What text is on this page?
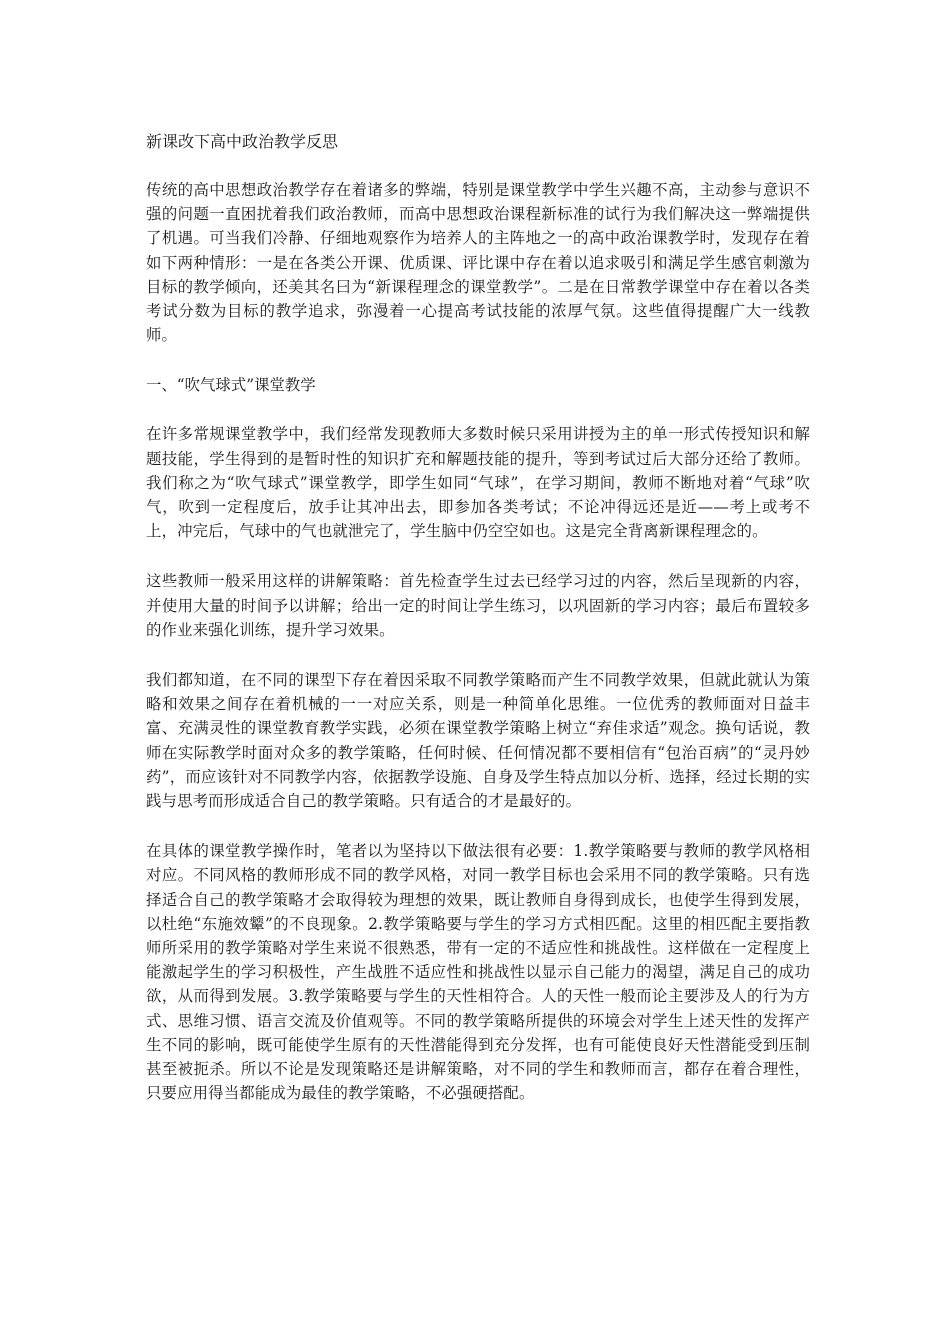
新课改下高中政治教学反思

传统的高中思想政治教学存在着诸多的弊端，特别是课堂教学中学生兴趣不高，主动参与意识不强的问题一直困扰着我们政治教师，而高中思想政治课程新标准的试行为我们解决这一弊端提供了机遇。可当我们冷静、仔细地观察作为培养人的主阵地之一的高中政治课教学时，发现存在着如下两种情形：一是在各类公开课、优质课、评比课中存在着以追求吸引和满足学生感官刺激为目标的教学倾向，还美其名曰为“新课程理念的课堂教学”。二是在日常教学课堂中存在着以各类考试分数为目标的教学追求，弥漫着一心提高考试技能的浓厚气氛。这些值得提醒广大一线教师。

一、“吹气球式”课堂教学

在许多常规课堂教学中，我们经常发现教师大多数时候只采用讲授为主的单一形式传授知识和解题技能，学生得到的是暂时性的知识扩充和解题技能的提升，等到考试过后大部分还给了教师。我们称之为“吹气球式”课堂教学，即学生如同“气球”，在学习期间，教师不断地对着“气球”吹气，吹到一定程度后，放手让其冲出去，即参加各类考试；不论冲得远还是近——考上或考不上，冲完后，气球中的气也就泄完了，学生脑中仍空空如也。这是完全背离新课程理念的。

这些教师一般采用这样的讲解策略：首先检查学生过去已经学习过的内容，然后呈现新的内容，并使用大量的时间予以讲解；给出一定的时间让学生练习，以巩固新的学习内容；最后布置较多的作业来强化训练，提升学习效果。

我们都知道，在不同的课型下存在着因采取不同教学策略而产生不同教学效果，但就此就认为策略和效果之间存在着机械的一一对应关系，则是一种简单化思维。一位优秀的教师面对日益丰富、充满灵性的课堂教育教学实践，必须在课堂教学策略上树立“弃佳求适”观念。换句话说，教师在实际教学时面对众多的教学策略，任何时候、任何情况都不要相信有“包治百病”的“灵丹妙药”，而应该针对不同教学内容，依据教学设施、自身及学生特点加以分析、选择，经过长期的实践与思考而形成适合自己的教学策略。只有适合的才是最好的。

在具体的课堂教学操作时，笔者以为坚持以下做法很有必要：1.教学策略要与教师的教学风格相对应。不同风格的教师形成不同的教学风格，对同一教学目标也会采用不同的教学策略。只有选择适合自己的教学策略才会取得较为理想的效果，既让教师自身得到成长，也使学生得到发展，以杜绝“东施效颦”的不良现象。2.教学策略要与学生的学习方式相匹配。这里的相匹配主要指教师所采用的教学策略对学生来说不很熟悉，带有一定的不适应性和挑战性。这样做在一定程度上能激起学生的学习积极性，产生战胜不适应性和挑战性以显示自己能力的渴望，满足自己的成功欲，从而得到发展。3.教学策略要与学生的天性相符合。人的天性一般而论主要涉及人的行为方式、思维习惯、语言交流及价值观等。不同的教学策略所提供的环境会对学生上述天性的发挥产生不同的影响，既可能使学生原有的天性潜能得到充分发挥，也有可能使良好天性潜能受到压制甚至被扼杀。所以不论是发现策略还是讲解策略，对不同的学生和教师而言，都存在着合理性，只要应用得当都能成为最佳的教学策略，不必强硬搭配。
